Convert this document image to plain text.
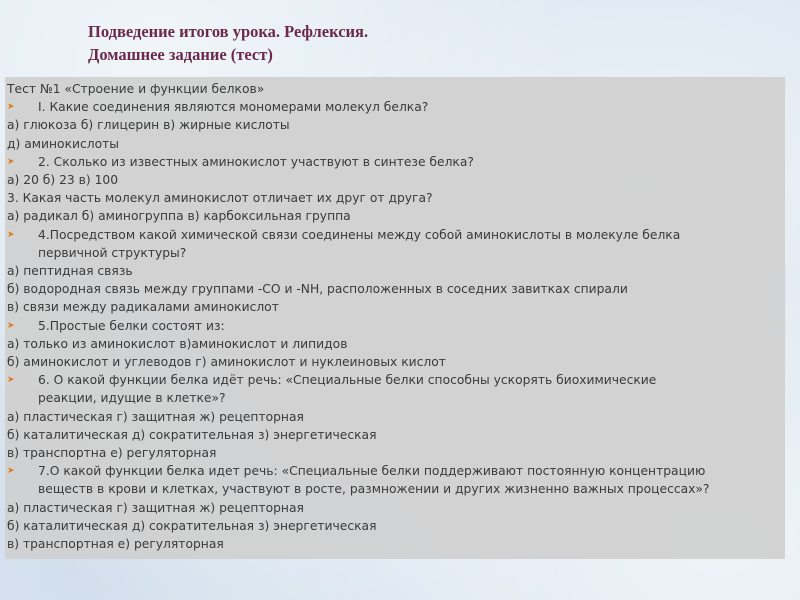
Подведение итогов урока. Рефлексия.
Домашнее задание (тест)
Тест №1 «Строение и функции белков»
➤ I. Какие соединения являются мономерами молекул белка?
а) глюкоза б) глицерин в) жирные кислоты
д) аминокислоты
➤ 2. Сколько из известных аминокислот участвуют в синтезе белка?
а) 20 б) 23 в) 100
3. Какая часть молекул аминокислот отличает их друг от друга?
а) радикал б) аминогруппа в) карбоксильная группа
➤ 4.Посредством какой химической связи соединены между собой аминокислоты в молекуле белка
первичной структуры?
а) пептидная связь
б) водородная связь между группами -CO и -NH, расположенных в соседних завитках спирали
в) связи между радикалами аминокислот
➤ 5.Простые белки состоят из:
а) только из аминокислот в)аминокислот и липидов
б) аминокислот и углеводов г) аминокислот и нуклеиновых кислот
➤ 6. О какой функции белка идёт речь: «Специальные белки способны ускорять биохимические
реакции, идущие в клетке»?
а) пластическая г) защитная ж) рецепторная
б) каталитическая д) сократительная з) энергетическая
в) транспортна е) регуляторная
➤ 7.О какой функции белка идет речь: «Специальные белки поддерживают постоянную концентрацию
веществ в крови и клетках, участвуют в росте, размножении и других жизненно важных процессах»?
а) пластическая г) защитная ж) рецепторная
б) каталитическая д) сократительная з) энергетическая
в) транспортная е) регуляторная
